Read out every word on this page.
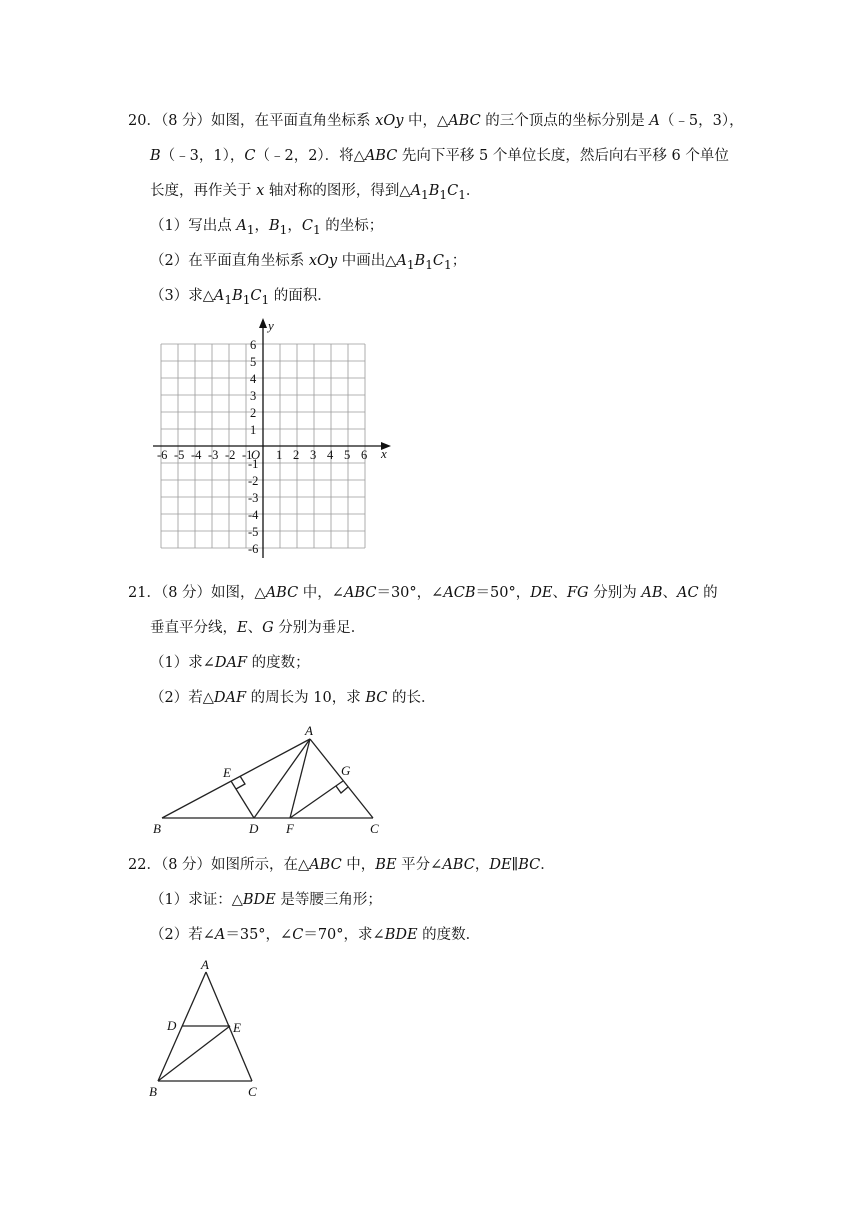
20．（8 分）如图，在平面直角坐标系 xOy 中，△ABC 的三个顶点的坐标分别是 A（﹣5，3），
B（﹣3，1），C（﹣2，2）．将△ABC 先向下平移 5 个单位长度，然后向右平移 6 个单位
长度，再作关于 x 轴对称的图形，得到$\triangle A_1B_1C_1$．
（1）写出点 $A_1$，$B_1$，$C_1$ 的坐标；
（2）在平面直角坐标系 xOy 中画出$\triangle A_1B_1C_1$；
（3）求$\triangle A_1B_1C_1$ 的面积．
-6 -5 -4 -3 -2 -1
O 1 2 3 4 5 6
1
2
3
4
5
6
-1
-2
-3
-4
-5
-6
x
y
21．（8 分）如图，△ABC 中，∠ABC＝30°，∠ACB＝50°，DE、FG 分别为 AB、AC 的
垂直平分线，E、G 分别为垂足．
（1）求∠DAF 的度数；
（2）若△DAF 的周长为 10，求 BC 的长．
A
B	C
D
E
F
G
22．（8 分）如图所示，在△ABC 中，BE 平分∠ABC，DE∥BC．
（1）求证：△BDE 是等腰三角形；
（2）若∠A＝35°，∠C＝70°，求∠BDE 的度数．
A
B	C
D	E
